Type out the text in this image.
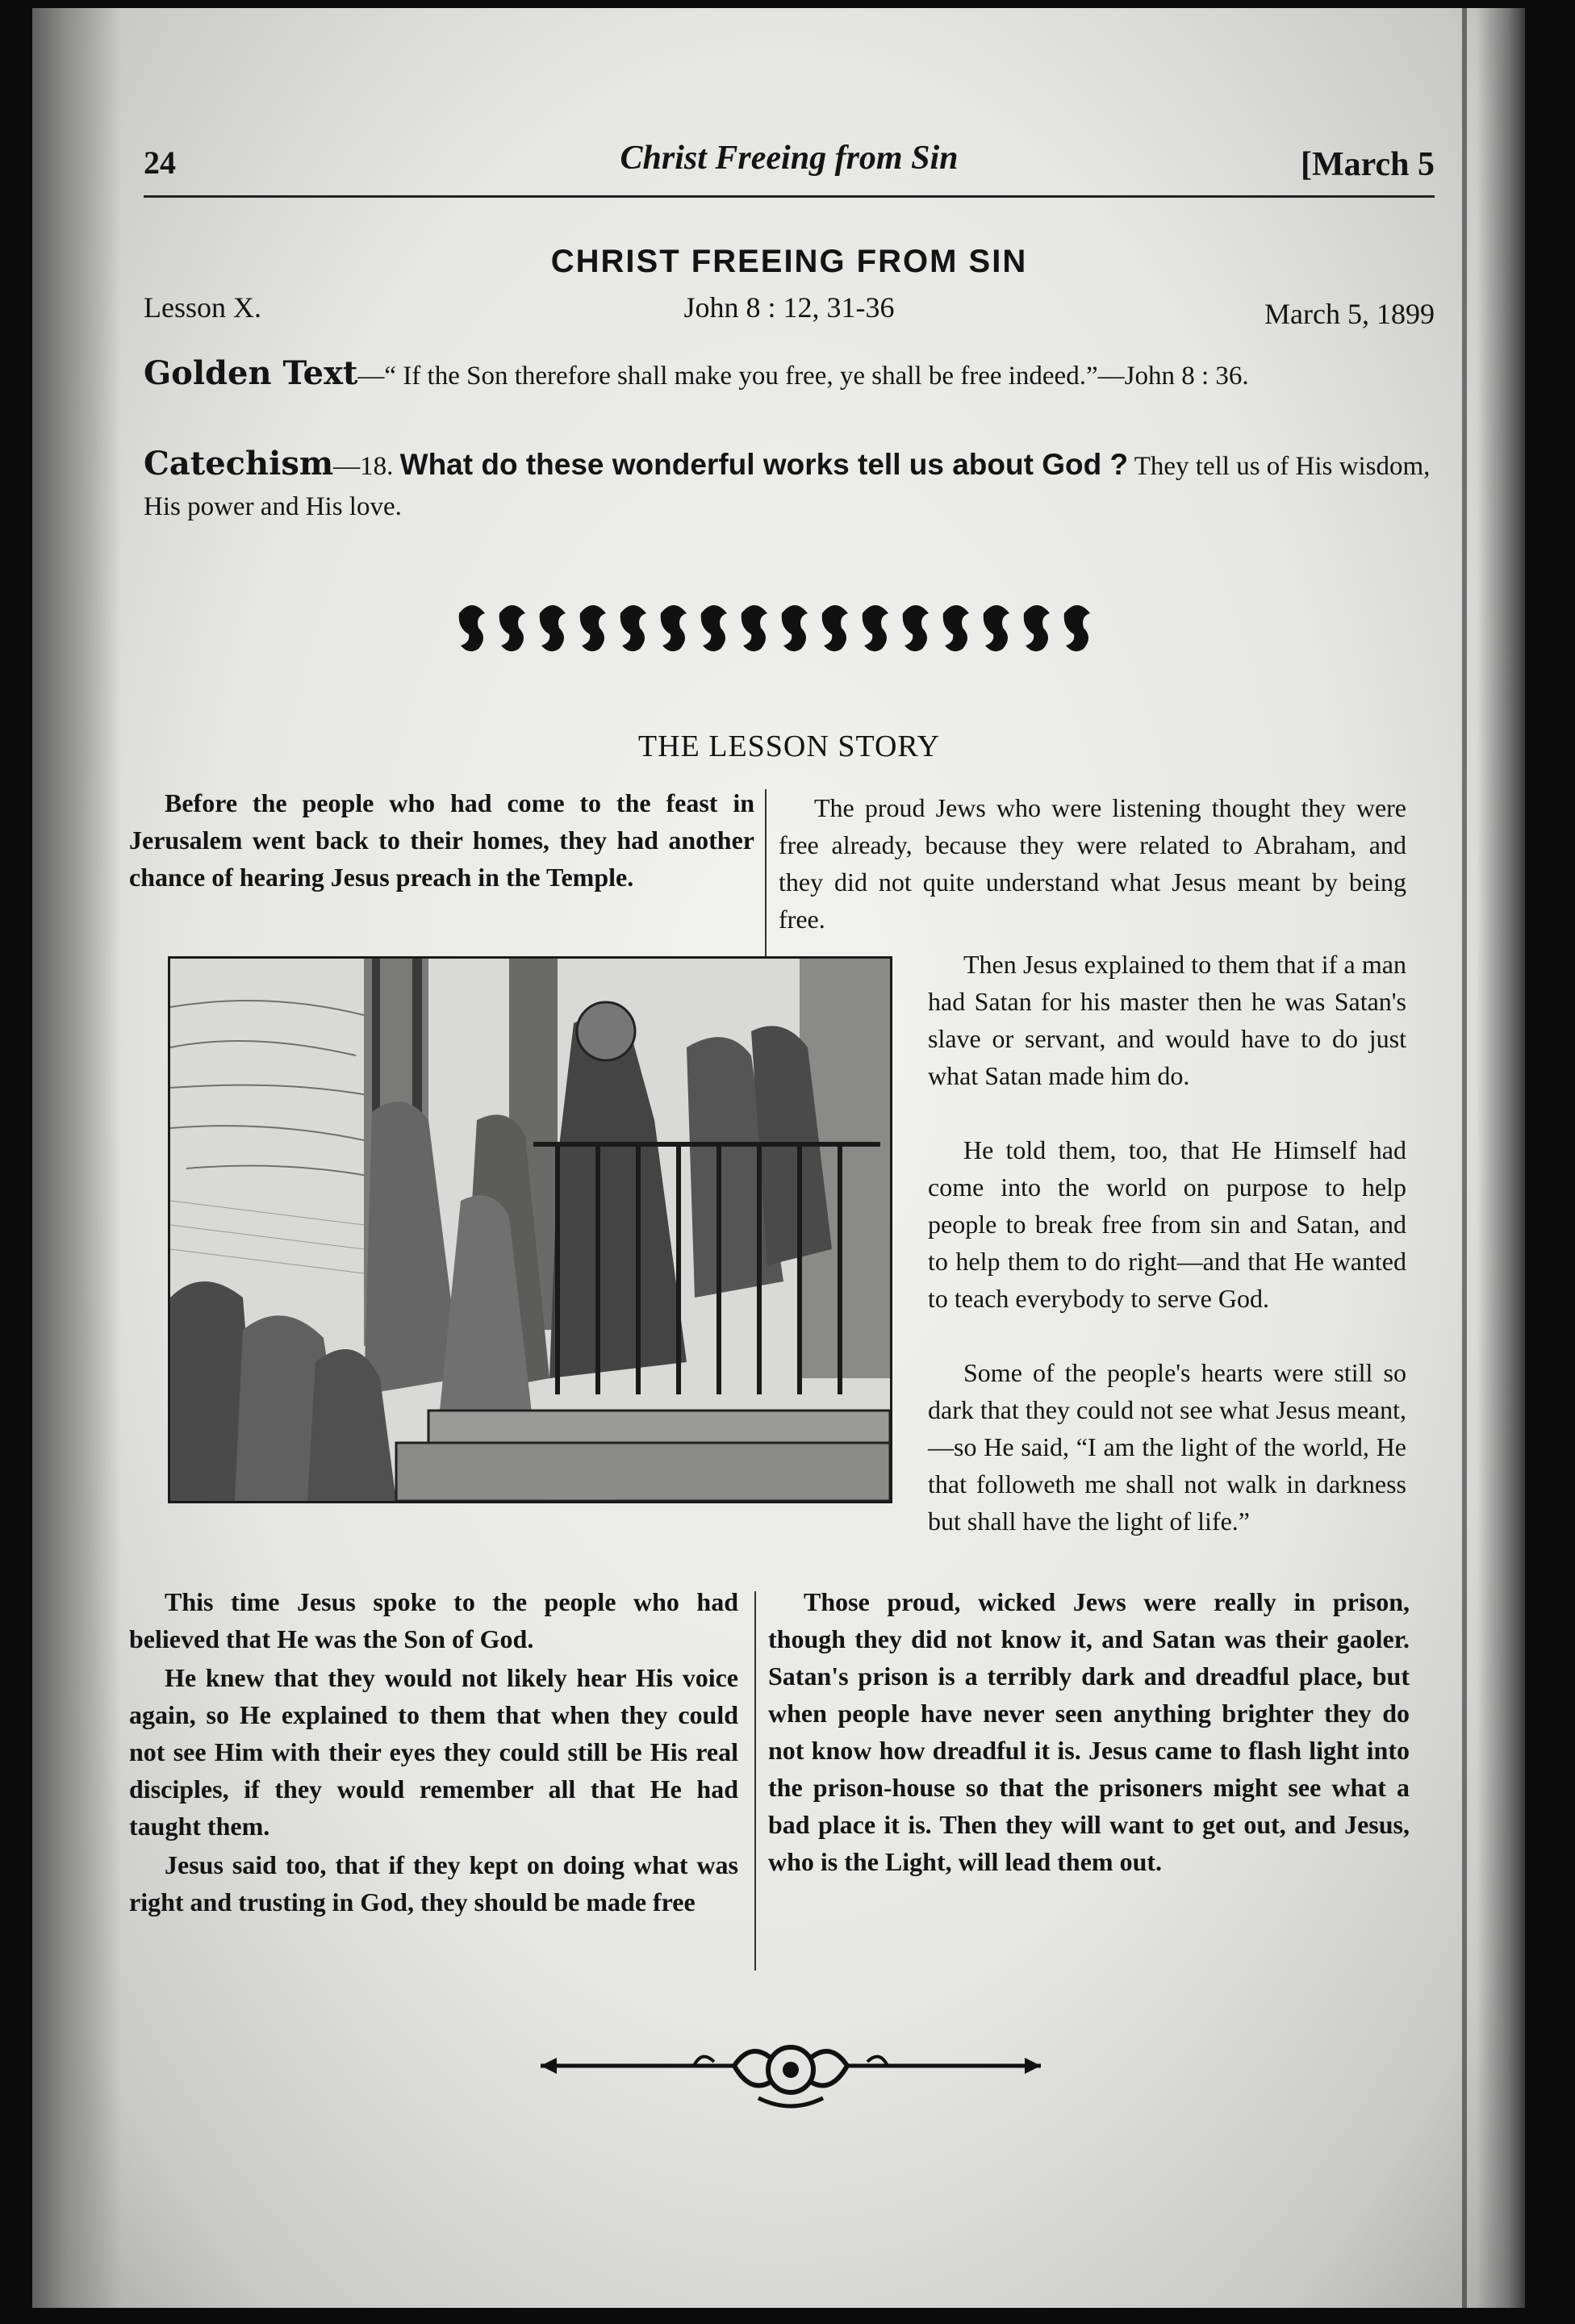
24	Christ Freeing from Sin	[March 5
CHRIST FREEING FROM SIN
Lesson X.	John 8 : 12, 31-36	March 5, 1899
Golden Text—“ If the Son therefore shall make you free, ye shall be free indeed.”—John 8 : 36.
Catechism—18. What do these wonderful works tell us about God ? They tell us of His wisdom, His power and His love.
THE LESSON STORY

Before the people who had come to the feast in Jerusalem went back to their homes, they had another chance of hearing Jesus preach in the Temple.

The proud Jews who were listening thought they were free already, because they were related to Abraham, and they did not quite understand what Jesus meant by being free.

Then Jesus explained to them that if a man had Satan for his master then he was Satan's slave or servant, and would have to do just what Satan made him do.

He told them, too, that He Himself had come into the world on purpose to help people to break free from sin and Satan, and to help them to do right—and that He wanted to teach everybody to serve God.

Some of the people's hearts were still so dark that they could not see what Jesus meant,—so He said, “I am the light of the world, He that followeth me shall not walk in darkness but shall have the light of life.”

This time Jesus spoke to the people who had believed that He was the Son of God.

He knew that they would not likely hear His voice again, so He explained to them that when they could not see Him with their eyes they could still be His real disciples, if they would remember all that He had taught them.

Jesus said too, that if they kept on doing what was right and trusting in God, they should be made free

Those proud, wicked Jews were really in prison, though they did not know it, and Satan was their gaoler. Satan's prison is a terribly dark and dreadful place, but when people have never seen anything brighter they do not know how dreadful it is. Jesus came to flash light into the prison-house so that the prisoners might see what a bad place it is. Then they will want to get out, and Jesus, who is the Light, will lead them out.
